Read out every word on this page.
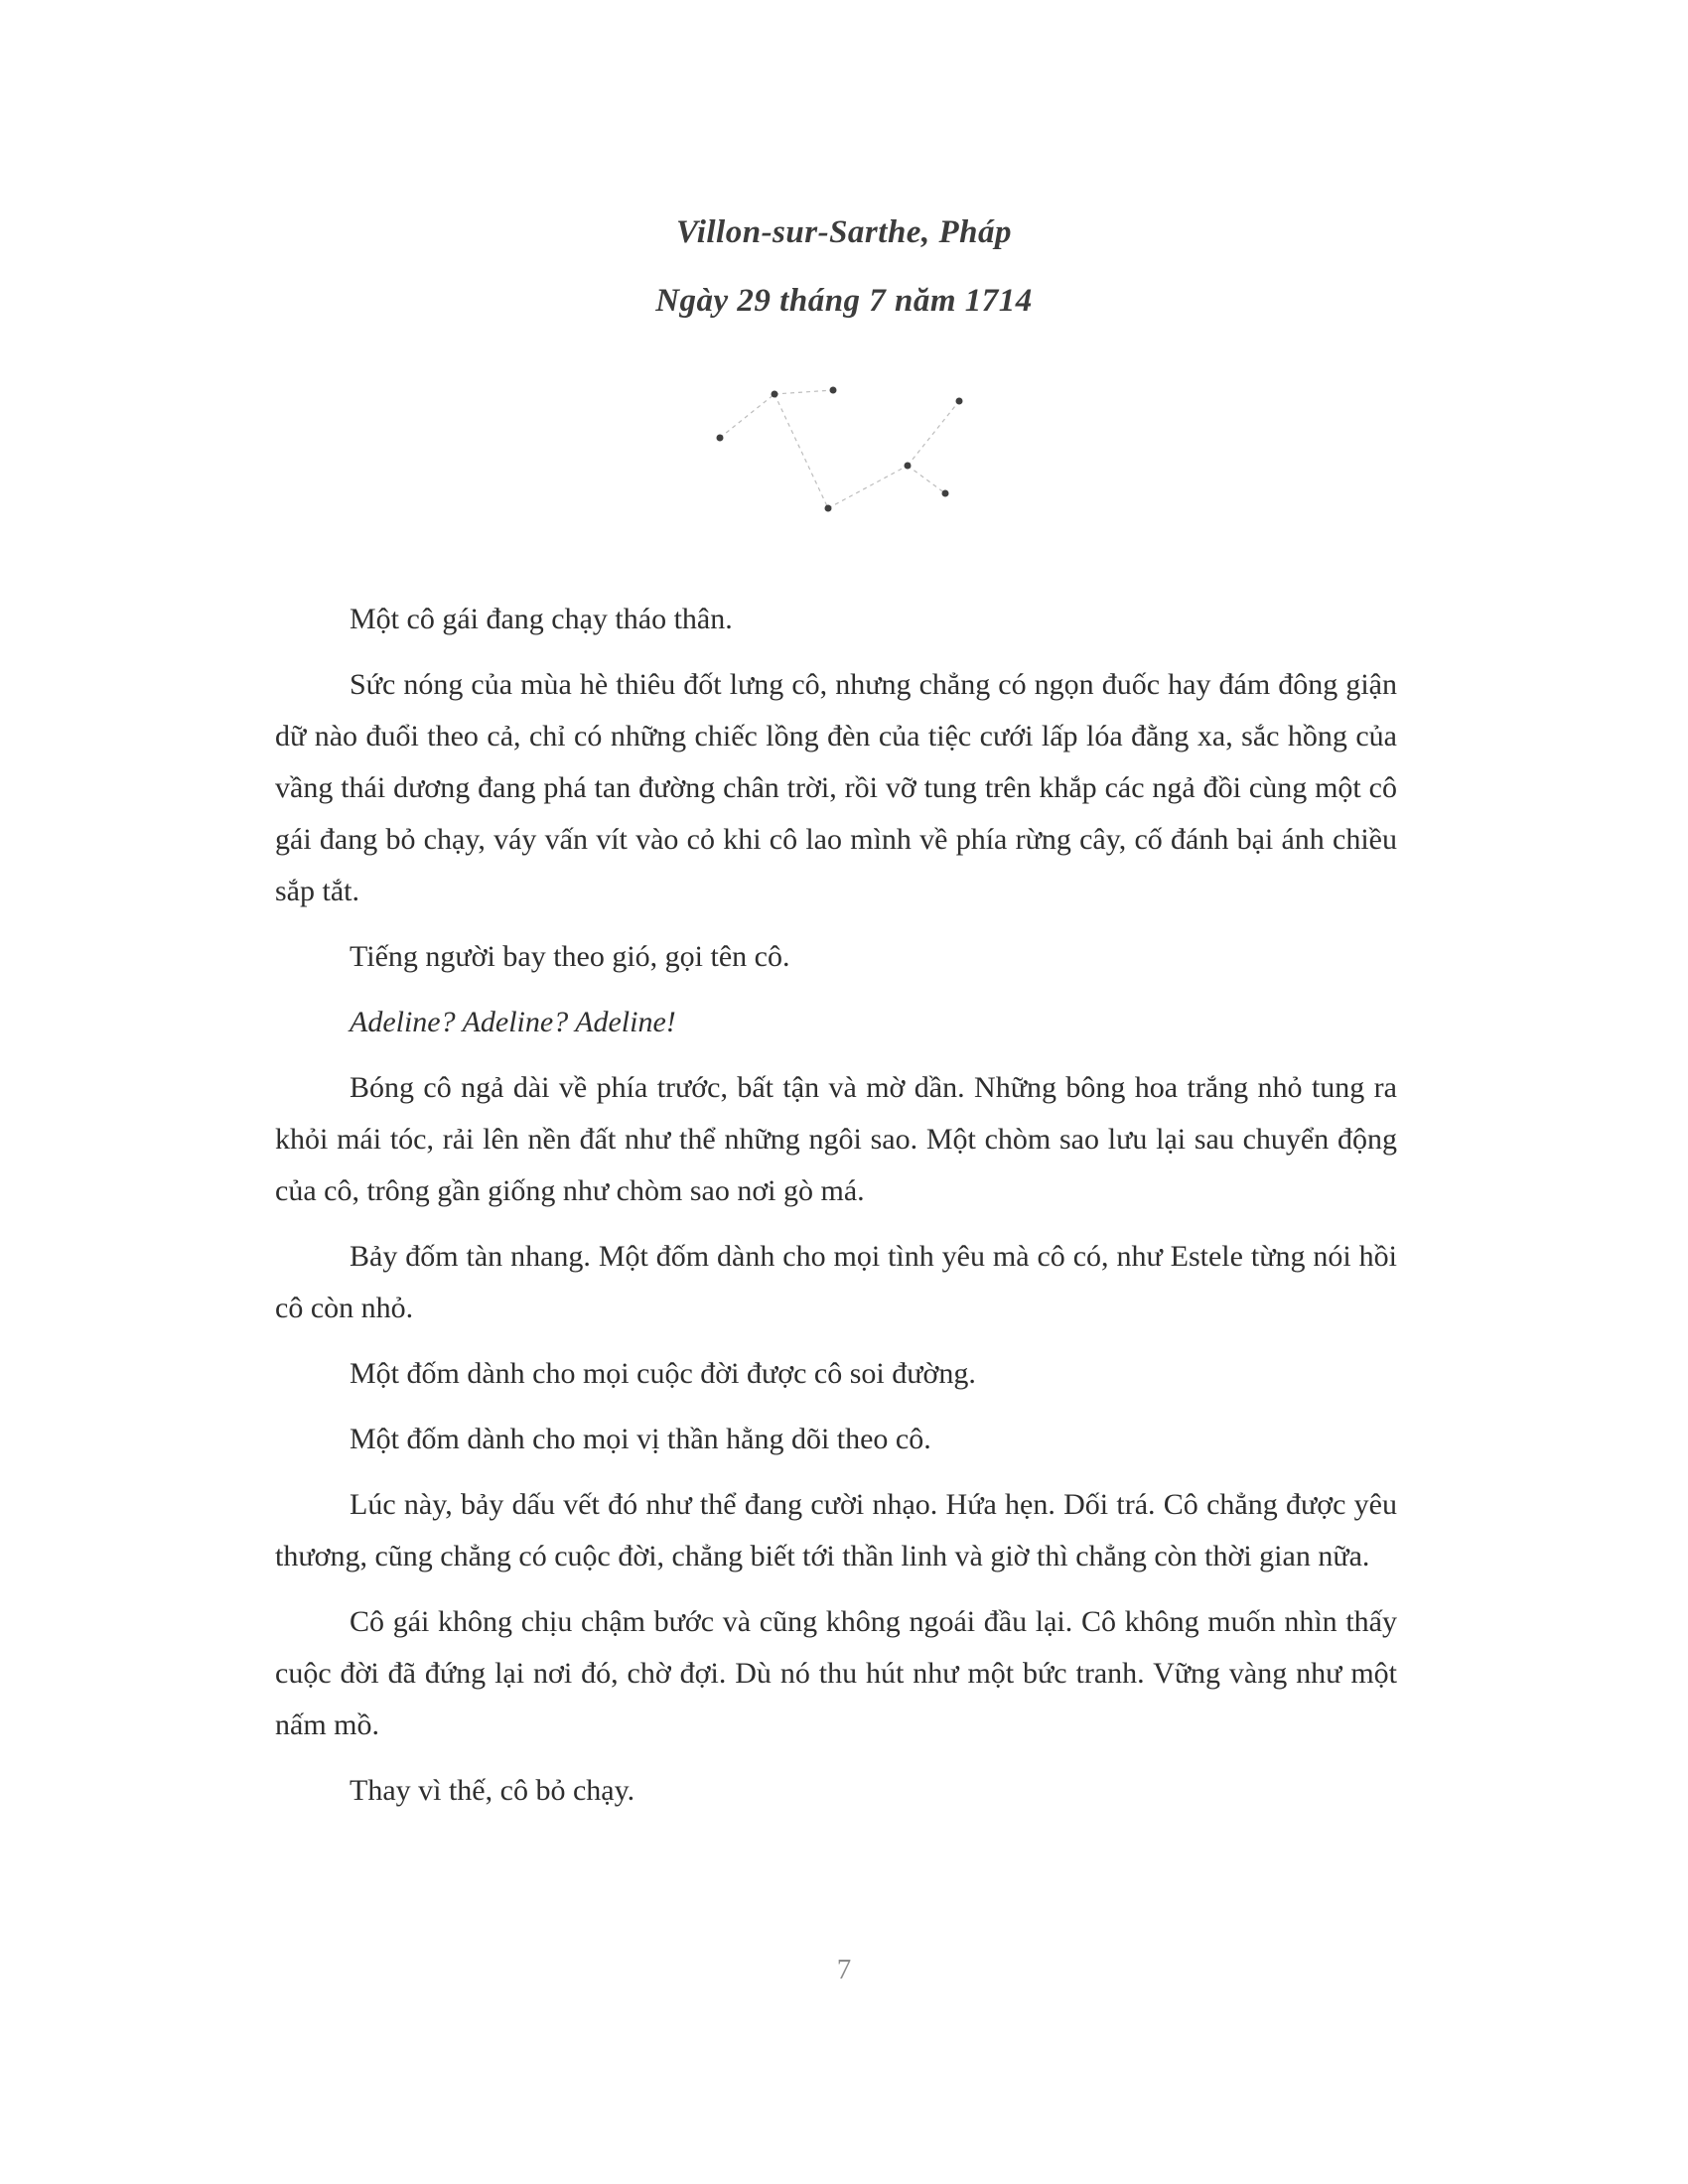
Villon-sur-Sarthe, Pháp
Ngày 29 tháng 7 năm 1714

Một cô gái đang chạy tháo thân.

Sức nóng của mùa hè thiêu đốt lưng cô, nhưng chẳng có ngọn đuốc hay đám đông giận dữ nào đuổi theo cả, chỉ có những chiếc lồng đèn của tiệc cưới lấp lóa đằng xa, sắc hồng của vầng thái dương đang phá tan đường chân trời, rồi vỡ tung trên khắp các ngả đồi cùng một cô gái đang bỏ chạy, váy vấn vít vào cỏ khi cô lao mình về phía rừng cây, cố đánh bại ánh chiều sắp tắt.

Tiếng người bay theo gió, gọi tên cô.

Adeline? Adeline? Adeline!

Bóng cô ngả dài về phía trước, bất tận và mờ dần. Những bông hoa trắng nhỏ tung ra khỏi mái tóc, rải lên nền đất như thể những ngôi sao. Một chòm sao lưu lại sau chuyển động của cô, trông gần giống như chòm sao nơi gò má.

Bảy đốm tàn nhang. Một đốm dành cho mọi tình yêu mà cô có, như Estele từng nói hồi cô còn nhỏ.

Một đốm dành cho mọi cuộc đời được cô soi đường.

Một đốm dành cho mọi vị thần hằng dõi theo cô.

Lúc này, bảy dấu vết đó như thể đang cười nhạo. Hứa hẹn. Dối trá. Cô chẳng được yêu thương, cũng chẳng có cuộc đời, chẳng biết tới thần linh và giờ thì chẳng còn thời gian nữa.

Cô gái không chịu chậm bước và cũng không ngoái đầu lại. Cô không muốn nhìn thấy cuộc đời đã đứng lại nơi đó, chờ đợi. Dù nó thu hút như một bức tranh. Vững vàng như một nấm mồ.

Thay vì thế, cô bỏ chạy.

7
